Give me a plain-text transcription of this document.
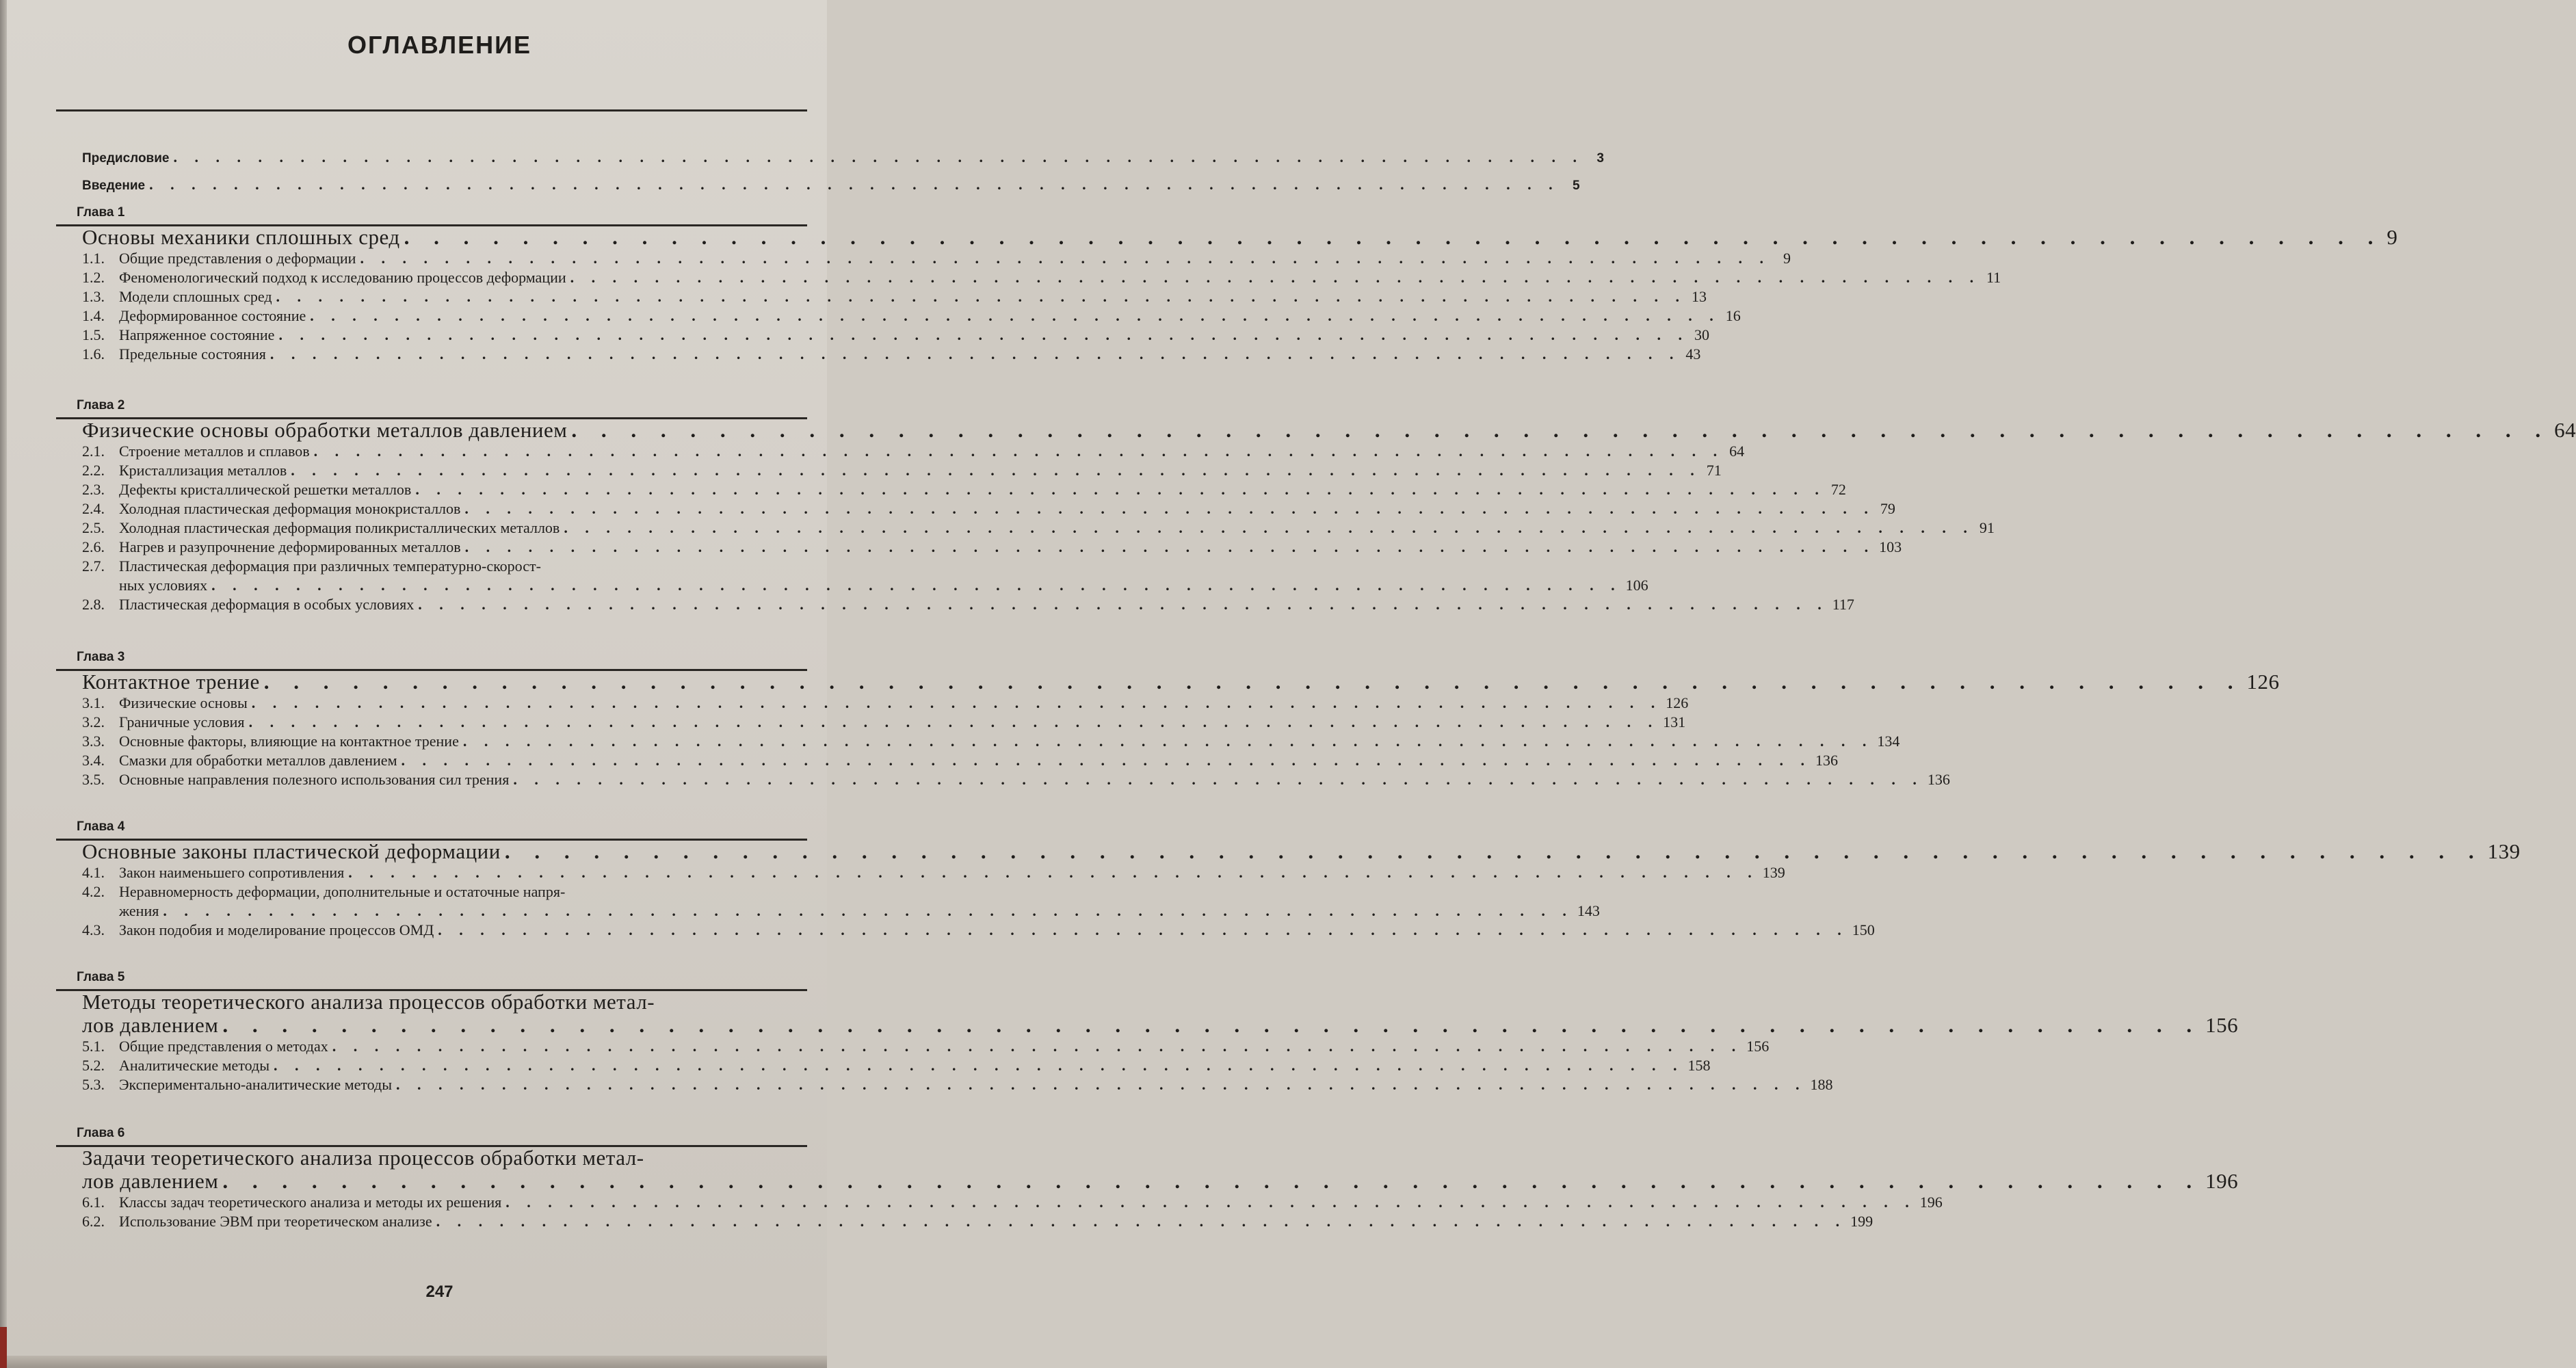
ОГЛАВЛЕНИЕ
Предисловие . . . . . . . . . . . . . . . . . . . . . . . . . . . . . . . . . . . . . . . . . . . . . . . . . . . . . . . . . . . . . . . . . . .	3
Введение . . . . . . . . . . . . . . . . . . . . . . . . . . . . . . . . . . . . . . . . . . . . . . . . . . . . . . . . . . . . . . . . . . .	5
Глава 1
Основы механики сплошных сред . . . . . . . . . . . . . . . . . . . . . . . . . . . . . . . . . . . . . . . . . . . . . . . . . . . . . . . . . . . . . . . . . . . 9
1.1. Общие представления о деформации . . . . . . . . . . . . . . . . . . . . . . . . . . . . . . . . . . . . . . . . . . . . . . . . . . . . . . . . . . . . . . . . . . . 9
1.2. Феноменологический подход к исследованию процессов деформации . . . . . . . . . . . . . . . . . . . . . . . . . . . . . . . . . . . . . . . . . . . . . . . . . . . . . . . . . . . . . . . . . . . 11
1.3. Модели сплошных сред . . . . . . . . . . . . . . . . . . . . . . . . . . . . . . . . . . . . . . . . . . . . . . . . . . . . . . . . . . . . . . . . . . . 13
1.4. Деформированное состояние . . . . . . . . . . . . . . . . . . . . . . . . . . . . . . . . . . . . . . . . . . . . . . . . . . . . . . . . . . . . . . . . . . . 16
1.5. Напряженное состояние . . . . . . . . . . . . . . . . . . . . . . . . . . . . . . . . . . . . . . . . . . . . . . . . . . . . . . . . . . . . . . . . . . . 30
1.6. Предельные состояния . . . . . . . . . . . . . . . . . . . . . . . . . . . . . . . . . . . . . . . . . . . . . . . . . . . . . . . . . . . . . . . . . . . 43
Глава 2
Физические основы обработки металлов давлением . . . . . . . . . . . . . . . . . . . . . . . . . . . . . . . . . . . . . . . . . . . . . . . . . . . . . . . . . . . . . . . . . . . 64
2.1. Строение металлов и сплавов . . . . . . . . . . . . . . . . . . . . . . . . . . . . . . . . . . . . . . . . . . . . . . . . . . . . . . . . . . . . . . . . . . . 64
2.2. Кристаллизация металлов . . . . . . . . . . . . . . . . . . . . . . . . . . . . . . . . . . . . . . . . . . . . . . . . . . . . . . . . . . . . . . . . . . . 71
2.3. Дефекты кристаллической решетки металлов . . . . . . . . . . . . . . . . . . . . . . . . . . . . . . . . . . . . . . . . . . . . . . . . . . . . . . . . . . . . . . . . . . . 72
2.4. Холодная пластическая деформация монокристаллов . . . . . . . . . . . . . . . . . . . . . . . . . . . . . . . . . . . . . . . . . . . . . . . . . . . . . . . . . . . . . . . . . . . 79
2.5. Холодная пластическая деформация поликристаллических металлов . . . . . . . . . . . . . . . . . . . . . . . . . . . . . . . . . . . . . . . . . . . . . . . . . . . . . . . . . . . . . . . . . . . 91
2.6. Нагрев и разупрочнение деформированных металлов . . . . . . . . . . . . . . . . . . . . . . . . . . . . . . . . . . . . . . . . . . . . . . . . . . . . . . . . . . . . . . . . . . . 103
2.7. Пластическая деформация при различных температурно-скорост-
ных условиях . . . . . . . . . . . . . . . . . . . . . . . . . . . . . . . . . . . . . . . . . . . . . . . . . . . . . . . . . . . . . . . . . . . 106
2.8. Пластическая деформация в особых условиях . . . . . . . . . . . . . . . . . . . . . . . . . . . . . . . . . . . . . . . . . . . . . . . . . . . . . . . . . . . . . . . . . . . 117
Глава 3
Контактное трение . . . . . . . . . . . . . . . . . . . . . . . . . . . . . . . . . . . . . . . . . . . . . . . . . . . . . . . . . . . . . . . . . . . 126
3.1. Физические основы . . . . . . . . . . . . . . . . . . . . . . . . . . . . . . . . . . . . . . . . . . . . . . . . . . . . . . . . . . . . . . . . . . . 126
3.2. Граничные условия . . . . . . . . . . . . . . . . . . . . . . . . . . . . . . . . . . . . . . . . . . . . . . . . . . . . . . . . . . . . . . . . . . . 131
3.3. Основные факторы, влияющие на контактное трение . . . . . . . . . . . . . . . . . . . . . . . . . . . . . . . . . . . . . . . . . . . . . . . . . . . . . . . . . . . . . . . . . . . 134
3.4. Смазки для обработки металлов давлением . . . . . . . . . . . . . . . . . . . . . . . . . . . . . . . . . . . . . . . . . . . . . . . . . . . . . . . . . . . . . . . . . . . 136
3.5. Основные направления полезного использования сил трения . . . . . . . . . . . . . . . . . . . . . . . . . . . . . . . . . . . . . . . . . . . . . . . . . . . . . . . . . . . . . . . . . . . 136
Глава 4
Основные законы пластической деформации . . . . . . . . . . . . . . . . . . . . . . . . . . . . . . . . . . . . . . . . . . . . . . . . . . . . . . . . . . . . . . . . . . . 139
4.1. Закон наименьшего сопротивления . . . . . . . . . . . . . . . . . . . . . . . . . . . . . . . . . . . . . . . . . . . . . . . . . . . . . . . . . . . . . . . . . . . 139
4.2. Неравномерность деформации, дополнительные и остаточные напря-
жения . . . . . . . . . . . . . . . . . . . . . . . . . . . . . . . . . . . . . . . . . . . . . . . . . . . . . . . . . . . . . . . . . . . 143
4.3. Закон подобия и моделирование процессов ОМД . . . . . . . . . . . . . . . . . . . . . . . . . . . . . . . . . . . . . . . . . . . . . . . . . . . . . . . . . . . . . . . . . . . 150
Глава 5
Методы теоретического анализа процессов обработки метал-
лов давлением . . . . . . . . . . . . . . . . . . . . . . . . . . . . . . . . . . . . . . . . . . . . . . . . . . . . . . . . . . . . . . . . . . . 156
5.1. Общие представления о методах . . . . . . . . . . . . . . . . . . . . . . . . . . . . . . . . . . . . . . . . . . . . . . . . . . . . . . . . . . . . . . . . . . . 156
5.2. Аналитические методы . . . . . . . . . . . . . . . . . . . . . . . . . . . . . . . . . . . . . . . . . . . . . . . . . . . . . . . . . . . . . . . . . . . 158
5.3. Экспериментально-аналитические методы . . . . . . . . . . . . . . . . . . . . . . . . . . . . . . . . . . . . . . . . . . . . . . . . . . . . . . . . . . . . . . . . . . . 188
Глава 6
Задачи теоретического анализа процессов обработки метал-
лов давлением . . . . . . . . . . . . . . . . . . . . . . . . . . . . . . . . . . . . . . . . . . . . . . . . . . . . . . . . . . . . . . . . . . . 196
6.1. Классы задач теоретического анализа и методы их решения . . . . . . . . . . . . . . . . . . . . . . . . . . . . . . . . . . . . . . . . . . . . . . . . . . . . . . . . . . . . . . . . . . . 196
6.2. Использование ЭВМ при теоретическом анализе . . . . . . . . . . . . . . . . . . . . . . . . . . . . . . . . . . . . . . . . . . . . . . . . . . . . . . . . . . . . . . . . . . . 199
247
